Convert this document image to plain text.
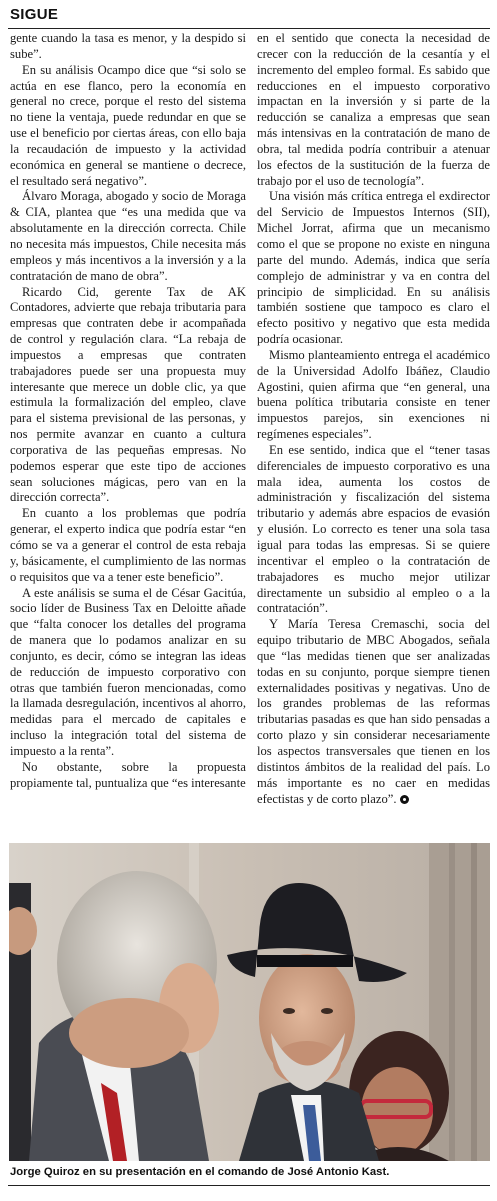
SIGUE

gente cuando la tasa es menor, y la despido si sube”.

En su análisis Ocampo dice que “si solo se actúa en ese flanco, pero la economía en general no crece, porque el resto del sistema no tiene la ventaja, puede redundar en que se use el beneficio por ciertas áreas, con ello baja la recaudación de impuesto y la actividad económica en general se mantiene o decrece, el resultado será negativo”.

Álvaro Moraga, abogado y socio de Moraga & CIA, plantea que “es una medida que va absolutamente en la dirección correcta. Chile no necesita más impuestos, Chile necesita más empleos y más incentivos a la inversión y a la contratación de mano de obra”.

Ricardo Cid, gerente Tax de AK Contadores, advierte que rebaja tributaria para empresas que contraten debe ir acompañada de control y regulación clara. “La rebaja de impuestos a empresas que contraten trabajadores puede ser una propuesta muy interesante que merece un doble clic, ya que estimula la formalización del empleo, clave para el sistema previsional de las personas, y nos permite avanzar en cuanto a cultura corporativa de las pequeñas empresas. No podemos esperar que este tipo de acciones sean soluciones mágicas, pero van en la dirección correcta”.

En cuanto a los problemas que podría generar, el experto indica que podría estar “en cómo se va a generar el control de esta rebaja y, básicamente, el cumplimiento de las normas o requisitos que va a tener este beneficio”.

A este análisis se suma el de César Gacitúa, socio líder de Business Tax en Deloitte añade que “falta conocer los detalles del programa de manera que lo podamos analizar en su conjunto, es decir, cómo se integran las ideas de reducción de impuesto corporativo con otras que también fueron mencionadas, como la llamada desregulación, incentivos al ahorro, medidas para el mercado de capitales e incluso la integración total del sistema de impuesto a la renta”.

No obstante, sobre la propuesta propiamente tal, puntualiza que “es interesante

en el sentido que conecta la necesidad de crecer con la reducción de la cesantía y el incremento del empleo formal. Es sabido que reducciones en el impuesto corporativo impactan en la inversión y si parte de la reducción se canaliza a empresas que sean más intensivas en la contratación de mano de obra, tal medida podría contribuir a atenuar los efectos de la sustitución de la fuerza de trabajo por el uso de tecnología”.

Una visión más crítica entrega el exdirector del Servicio de Impuestos Internos (SII), Michel Jorrat, afirma que un mecanismo como el que se propone no existe en ninguna parte del mundo. Además, indica que sería complejo de administrar y va en contra del principio de simplicidad. En su análisis también sostiene que tampoco es claro el efecto positivo y negativo que esta medida podría ocasionar.

Mismo planteamiento entrega el académico de la Universidad Adolfo Ibáñez, Claudio Agostini, quien afirma que “en general, una buena política tributaria consiste en tener impuestos parejos, sin exenciones ni regímenes especiales”.

En ese sentido, indica que el “tener tasas diferenciales de impuesto corporativo es una mala idea, aumenta los costos de administración y fiscalización del sistema tributario y además abre espacios de evasión y elusión. Lo correcto es tener una sola tasa igual para todas las empresas. Si se quiere incentivar el empleo o la contratación de trabajadores es mucho mejor utilizar directamente un subsidio al empleo o a la contratación”.

Y María Teresa Cremaschi, socia del equipo tributario de MBC Abogados, señala que “las medidas tienen que ser analizadas todas en su conjunto, porque siempre tienen externalidades positivas y negativas. Uno de los grandes problemas de las reformas tributarias pasadas es que han sido pensadas a corto plazo y sin considerar necesariamente los aspectos transversales que tienen en los distintos ámbitos de la realidad del país. Lo más importante es no caer en medidas efectistas y de corto plazo”.

Jorge Quiroz en su presentación en el comando de José Antonio Kast.
